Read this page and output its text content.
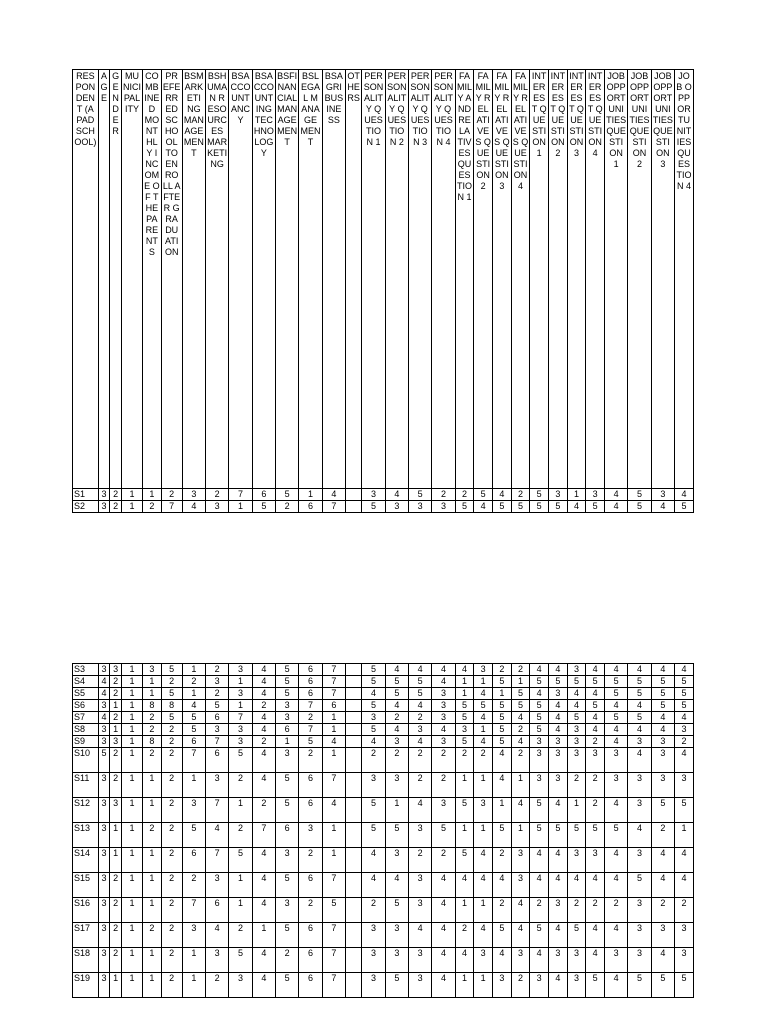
RESPONDENT (APAD SCHOOL)	AGE	GENDER	MUNICIPALITY	COMBINED MONTHLY INCOME OF THE PARENTS	PREFERRED SCHOOL TO ENROLL AFTER GRADUATION	BSMARKETING MANAGEMENT	BSHUMAN RESOURCES MARKETING	BSACCOUNTANCY	BSACCOUNTING TECHNOLOGY	BSFINANCIAL MANAGEMENT	BSLEGAL MANAGEMENT	BSAGRIBUSINESS	OTHERS	PERSONALITY QUESTION 1	PERSONALITY QUESTION 2	PERSONALITY QUESTION 3	PERSONALITY QUESTION 4	FAMILY AND RELATIVES QUESTION 1	FAMILY RELATIVES QUESTION 2	FAMILY RELATIVES QUESTION 3	FAMILY RELATIVES QUESTION 4	INTEREST QUESTION 1	INTEREST QUESTION 2	INTEREST QUESTION 3	INTEREST QUESTION 4	JOB OPPORTUNITIES QUESTION 1	JOB OPPORTUNITIES QUESTION 2	JOB OPPORTUNITIES QUESTION 3	JOB OPPORTUNITIES QUESTION 4
S1	3	2	1	1	2	3	2	7	6	5	1	4		3	4	5	2	2	5	4	2	5	3	1	3	4	5	3	4
S2	3	2	1	2	7	4	3	1	5	2	6	7		5	3	3	3	5	4	5	5	5	5	4	5	4	5	4	5
S3	3	3	1	3	5	1	2	3	4	5	6	7		5	4	4	4	4	3	2	2	4	4	3	4	4	4	4	4
S4	4	2	1	1	2	2	3	1	4	5	6	7		5	5	5	4	1	1	5	1	5	5	5	5	5	5	5	5
S5	4	2	1	1	5	1	2	3	4	5	6	7		4	5	5	3	1	4	1	5	4	3	4	4	5	5	5	5
S6	3	1	1	8	8	4	5	1	2	3	7	6		5	4	4	3	5	5	5	5	5	4	4	5	4	4	5	5
S7	4	2	1	2	5	5	6	7	4	3	2	1		3	2	2	3	5	4	5	4	5	4	5	4	5	5	4	4
S8	3	1	1	2	2	5	3	3	4	6	7	1		5	4	3	4	3	1	5	2	5	4	3	4	4	4	4	3
S9	3	3	1	8	2	6	7	3	2	1	5	4		4	3	4	3	5	4	5	4	3	3	3	2	4	3	3	2
S10	5	2	1	2	2	7	6	5	4	3	2	1		2	2	2	2	2	2	4	2	3	3	3	3	3	4	3	4
S11	3	2	1	1	2	1	3	2	4	5	6	7		3	3	2	2	1	1	4	1	3	3	2	2	3	3	3	3
S12	3	3	1	1	2	3	7	1	2	5	6	4		5	1	4	3	5	3	1	4	5	4	1	2	4	3	5	5
S13	3	1	1	2	2	5	4	2	7	6	3	1		5	5	3	5	1	1	5	1	5	5	5	5	5	4	2	1
S14	3	1	1	1	2	6	7	5	4	3	2	1		4	3	2	2	5	4	2	3	4	4	3	3	4	3	4	4
S15	3	2	1	1	2	2	3	1	4	5	6	7		4	4	3	4	4	4	4	3	4	4	4	4	4	5	4	4
S16	3	2	1	1	2	7	6	1	4	3	2	5		2	5	3	4	1	1	2	4	2	3	2	2	2	3	2	2
S17	3	2	1	2	2	3	4	2	1	5	6	7		3	3	4	4	2	4	5	4	5	4	5	4	4	3	3	3
S18	3	2	1	1	2	1	3	5	4	2	6	7		3	3	3	4	4	3	4	3	4	3	3	4	3	3	4	3
S19	3	1	1	1	2	1	2	3	4	5	6	7		3	5	3	4	1	1	3	2	3	4	3	5	4	5	5	5
